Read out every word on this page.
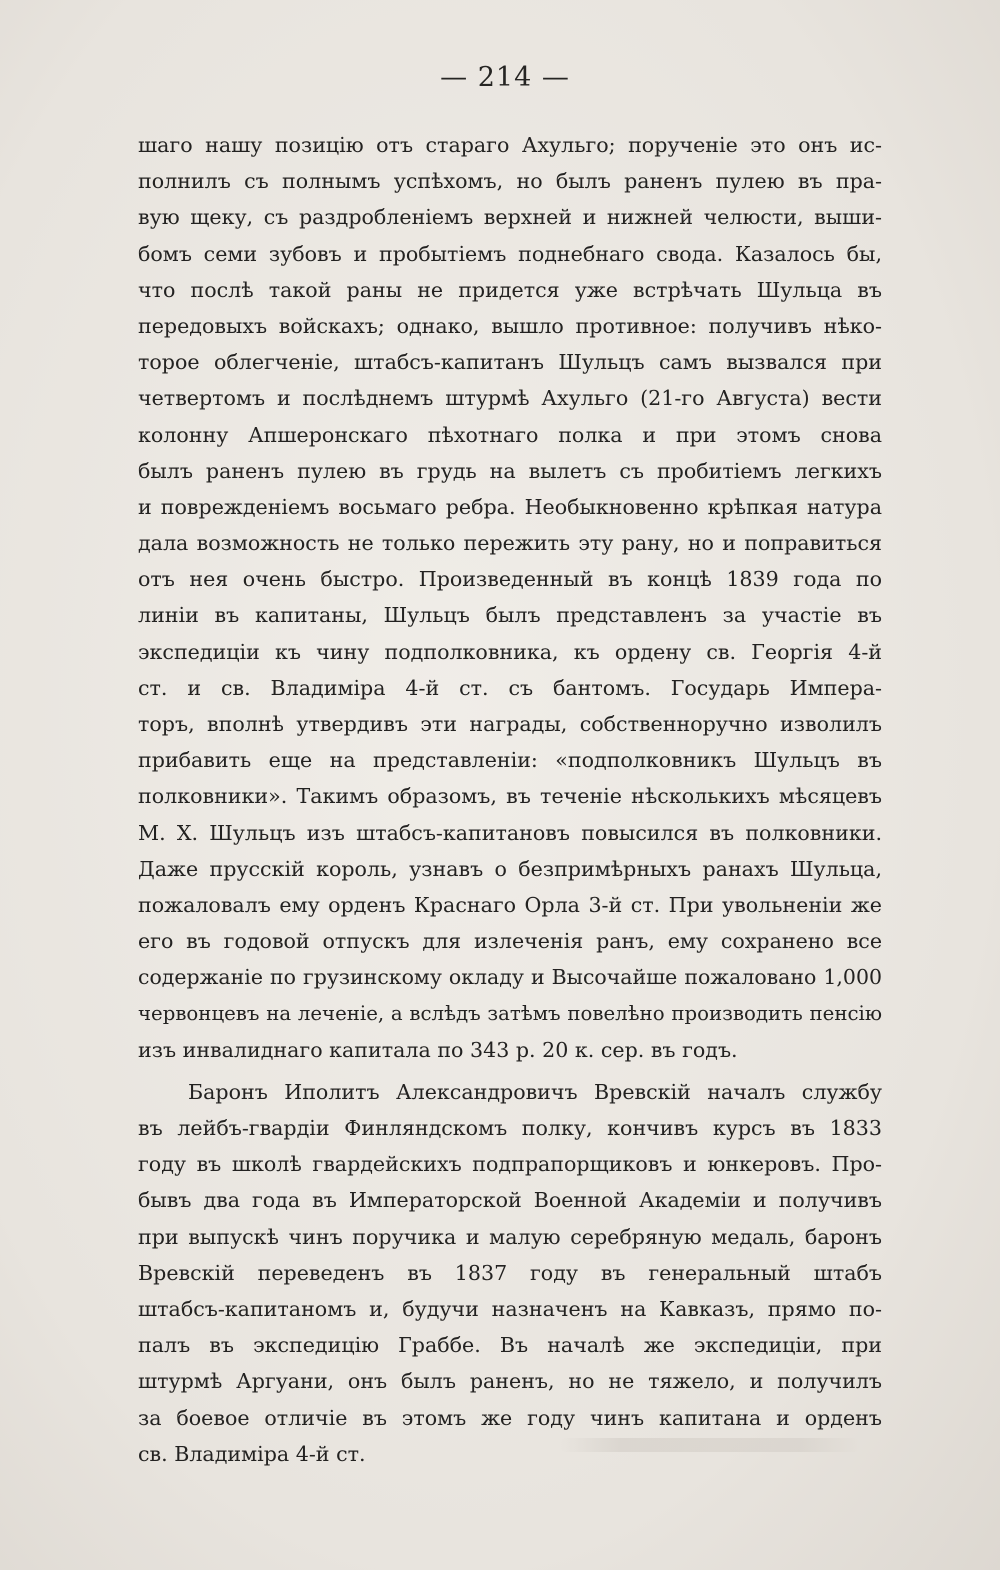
— 214 —
шаго нашу позицію отъ стараго Ахульго; порученіе это онъ ис-
полнилъ съ полнымъ успѣхомъ, но былъ раненъ пулею въ пра-
вую щеку, съ раздробленіемъ верхней и нижней челюсти, выши-
бомъ семи зубовъ и пробытіемъ поднебнаго свода. Казалось бы,
что послѣ такой раны не придется уже встрѣчать Шульца въ
передовыхъ войскахъ; однако, вышло противное: получивъ нѣко-
торое облегченіе, штабсъ-капитанъ Шульцъ самъ вызвался при
четвертомъ и послѣднемъ штурмѣ Ахульго (21-го Августа) вести
колонну Апшеронскаго пѣхотнаго полка и при этомъ снова
былъ раненъ пулею въ грудь на вылетъ съ пробитіемъ легкихъ
и поврежденіемъ восьмаго ребра. Необыкновенно крѣпкая натура
дала возможность не только пережить эту рану, но и поправиться
отъ нея очень быстро. Произведенный въ концѣ 1839 года по
линіи въ капитаны, Шульцъ былъ представленъ за участіе въ
экспедиціи къ чину подполковника, къ ордену св. Георгія 4-й
ст. и св. Владиміра 4-й ст. съ бантомъ. Государь Импера-
торъ, вполнѣ утвердивъ эти награды, собственноручно изволилъ
прибавить еще на представленіи: «подполковникъ Шульцъ въ
полковники». Такимъ образомъ, въ теченіе нѣсколькихъ мѣсяцевъ
М. Х. Шульцъ изъ штабсъ-капитановъ повысился въ полковники.
Даже прусскій король, узнавъ о безпримѣрныхъ ранахъ Шульца,
пожаловалъ ему орденъ Краснаго Орла 3-й ст. При увольненіи же
его въ годовой отпускъ для излеченія ранъ, ему сохранено все
содержаніе по грузинскому окладу и Высочайше пожаловано 1,000
червонцевъ на леченіе, а вслѣдъ затѣмъ повелѣно производить пенсію
изъ инвалиднаго капитала по 343 р. 20 к. сер. въ годъ.
Баронъ Иполитъ Александровичъ Вревскій началъ службу
въ лейбъ-гвардіи Финляндскомъ полку, кончивъ курсъ въ 1833
году въ школѣ гвардейскихъ подпрапорщиковъ и юнкеровъ. Про-
бывъ два года въ Императорской Военной Академіи и получивъ
при выпускѣ чинъ поручика и малую серебряную медаль, баронъ
Вревскій переведенъ въ 1837 году въ генеральный штабъ
штабсъ-капитаномъ и, будучи назначенъ на Кавказъ, прямо по-
палъ въ экспедицію Граббе. Въ началѣ же экспедиціи, при
штурмѣ Аргуани, онъ былъ раненъ, но не тяжело, и получилъ
за боевое отличіе въ этомъ же году чинъ капитана и орденъ
св. Владиміра 4-й ст.
